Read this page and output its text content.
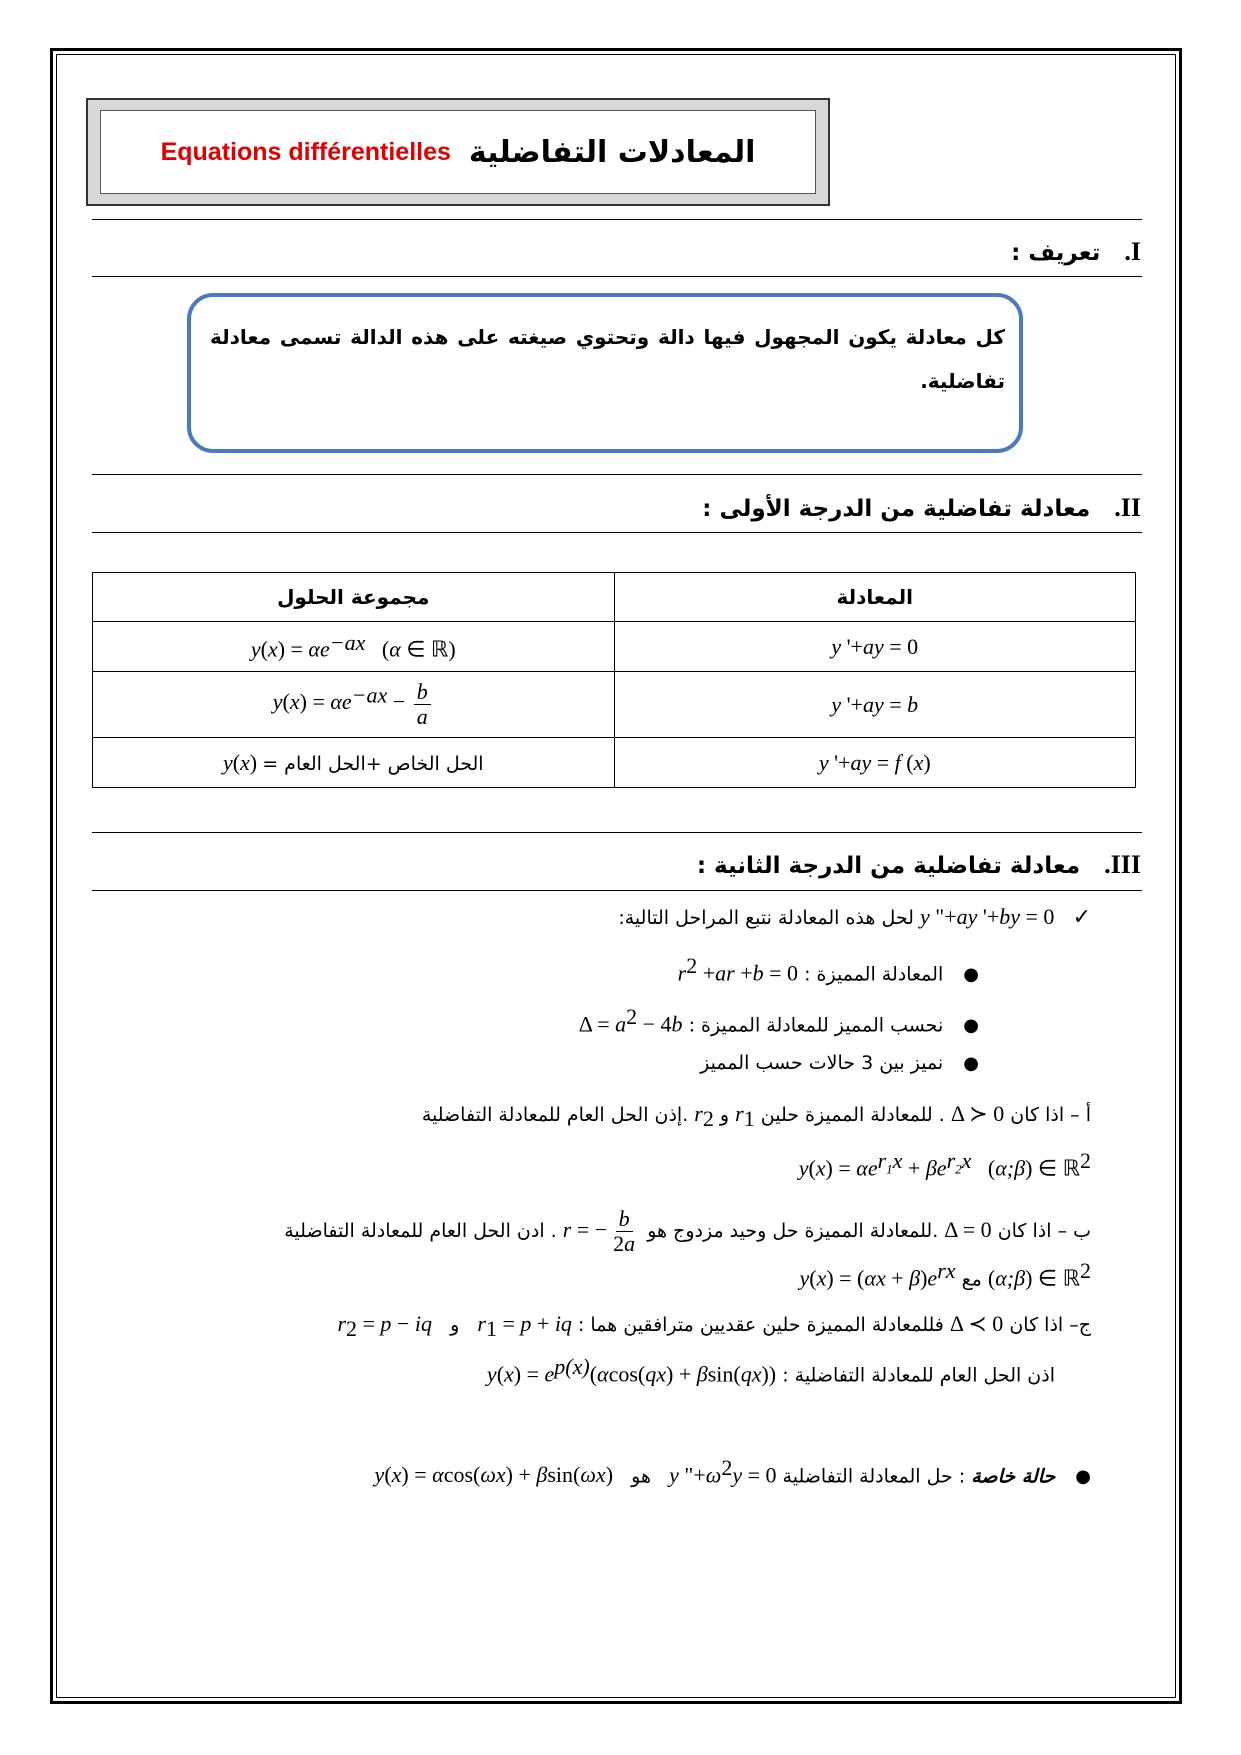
المعادلات التفاضلية
Equations différentielles
I.   تعريف :
كل معادلة يكون المجهول فيها دالة وتحتوي صيغته على هذه الدالة تسمى معادلة تفاضلية.
II.   معادلة تفاضلية من الدرجة الأولى :
مجموعة الحلول	المعادلة
$y(x) = \alpha e^{-ax}$   (α ∈ ℝ)	y '+ay = 0
$y(x) = \alpha e^{-ax} - \frac{b}{a}$	y '+ay = b
الحل الخاص +الحل العام = y(x)	y '+ay = f (x)
III.   معادلة تفاضلية من الدرجة الثانية :
✓   y "+ay '+by = 0 لحل هذه المعادلة نتبع المراحل التالية:
● المعادلة المميزة : $r^2 +ar +b = 0$
● نحسب المميز للمعادلة المميزة : $\Delta = a^2 - 4b$
● نميز بين 3 حالات حسب المميز
أ – اذا كان Δ ≻ 0 . للمعادلة المميزة حلين $r_1$ و $r_2$ .إذن الحل العام للمعادلة التفاضلية
$y(x) = \alpha e^{r_1x} + \beta e^{r_2x}$   (α;β) ∈ ℝ$^2$
ب – اذا كان Δ = 0 .للمعادلة المميزة حل وحيد مزدوج هو r = − $\frac{b}{2a}$
. ادن الحل العام للمعادلة التفاضلية
(α;β) ∈ ℝ$^2$ مع $y(x) = (\alpha x + \beta)e^{rx}$
ج– اذا كان Δ ≺ 0 فللمعادلة المميزة حلين عقديين مترافقين هما : $r_1 = p$ + iq   و   $r_2 = p$ − iq
اذن الحل العام للمعادلة التفاضلية : $y(x) = e^{p(x)}(\alpha\cos(qx) + \beta\sin(qx))$
● حالة خاصة : حل المعادلة التفاضلية y "$+\omega^2y = 0$   هو   y(x) = αcos(ωx) + βsin(ωx)
